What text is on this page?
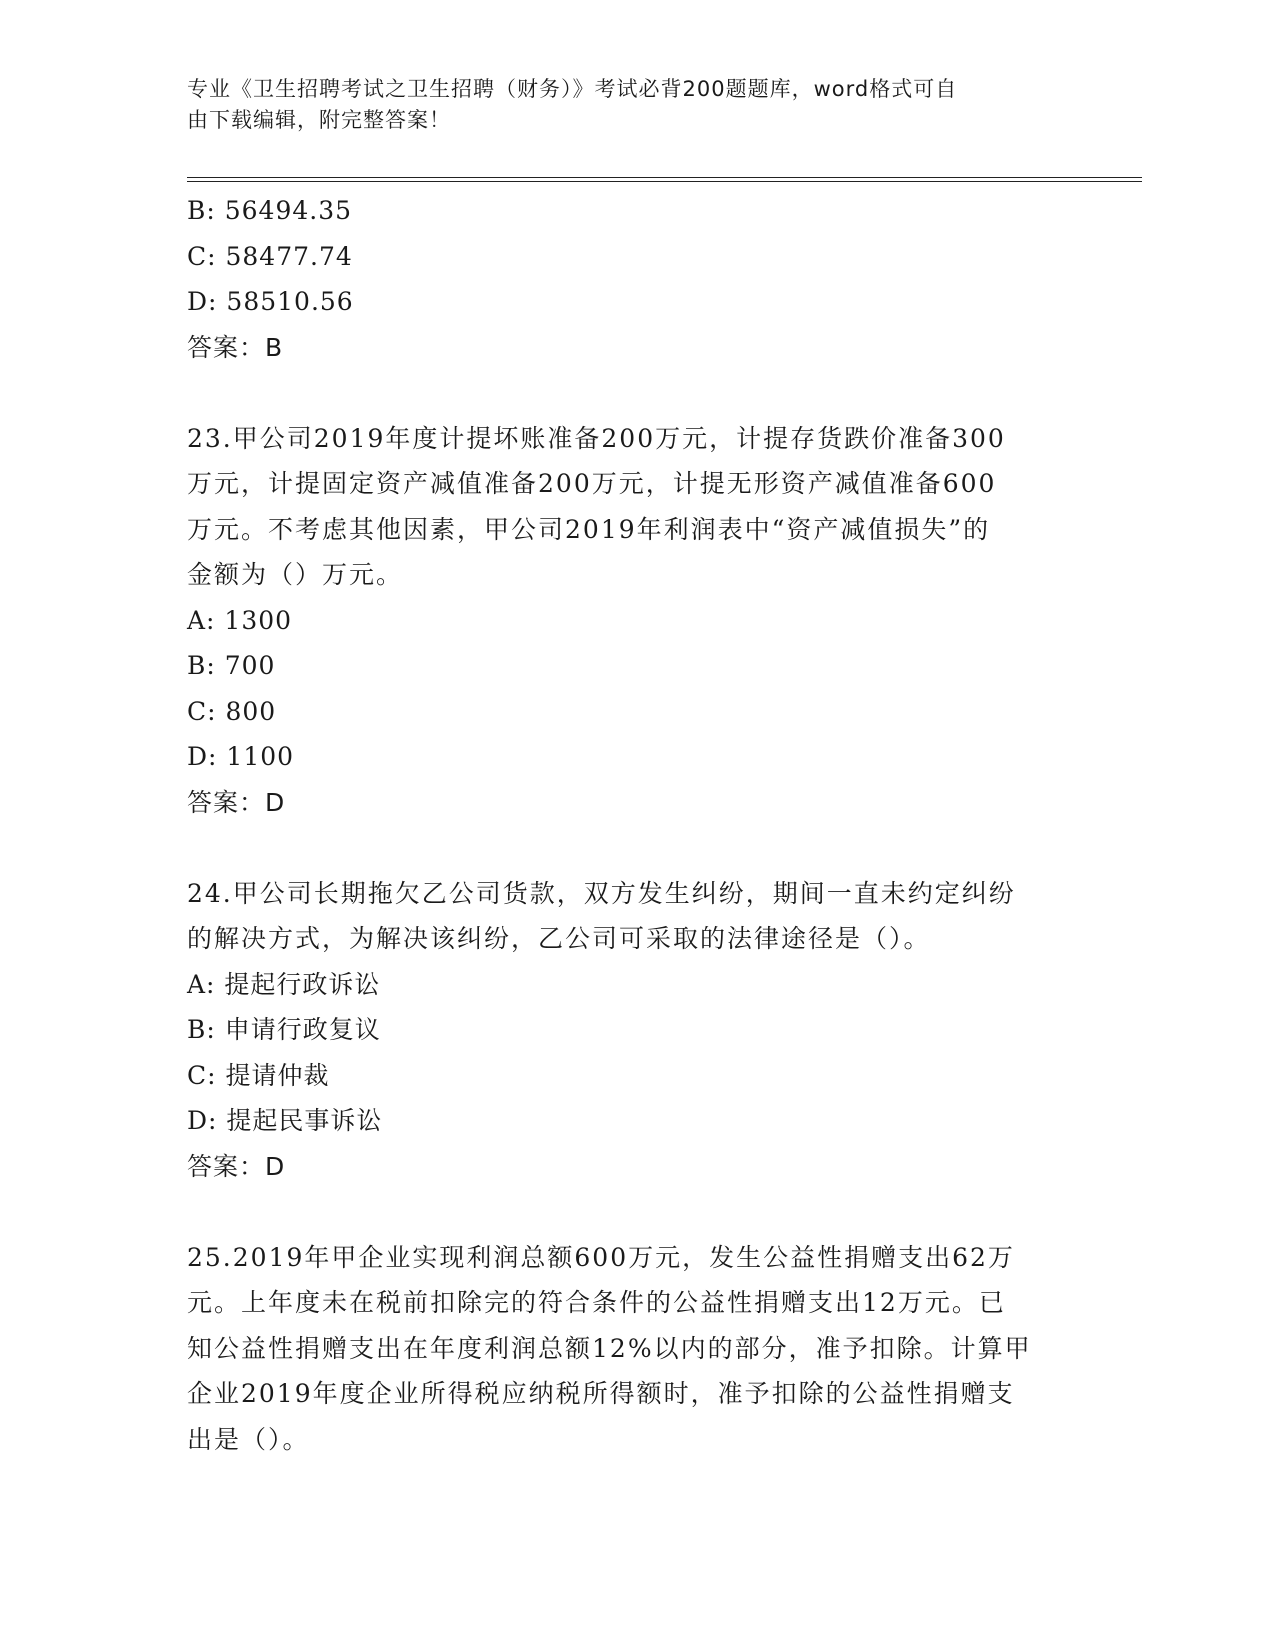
专业《卫生招聘考试之卫生招聘（财务）》考试必背200题题库，word格式可自
由下载编辑，附完整答案！
B: 56494.35
C: 58477.74
D: 58510.56
答案：B
23.甲公司2019年度计提坏账准备200万元，计提存货跌价准备300
万元，计提固定资产减值准备200万元，计提无形资产减值准备600
万元。不考虑其他因素，甲公司2019年利润表中“资产减值损失”的
金额为（）万元。
A: 1300
B: 700
C: 800
D: 1100
答案：D
24.甲公司长期拖欠乙公司货款，双方发生纠纷，期间一直未约定纠纷
的解决方式，为解决该纠纷，乙公司可采取的法律途径是（）。
A: 提起行政诉讼
B: 申请行政复议
C: 提请仲裁
D: 提起民事诉讼
答案：D
25.2019年甲企业实现利润总额600万元，发生公益性捐赠支出62万
元。上年度未在税前扣除完的符合条件的公益性捐赠支出12万元。已
知公益性捐赠支出在年度利润总额12%以内的部分，准予扣除。计算甲
企业2019年度企业所得税应纳税所得额时，准予扣除的公益性捐赠支
出是（）。
